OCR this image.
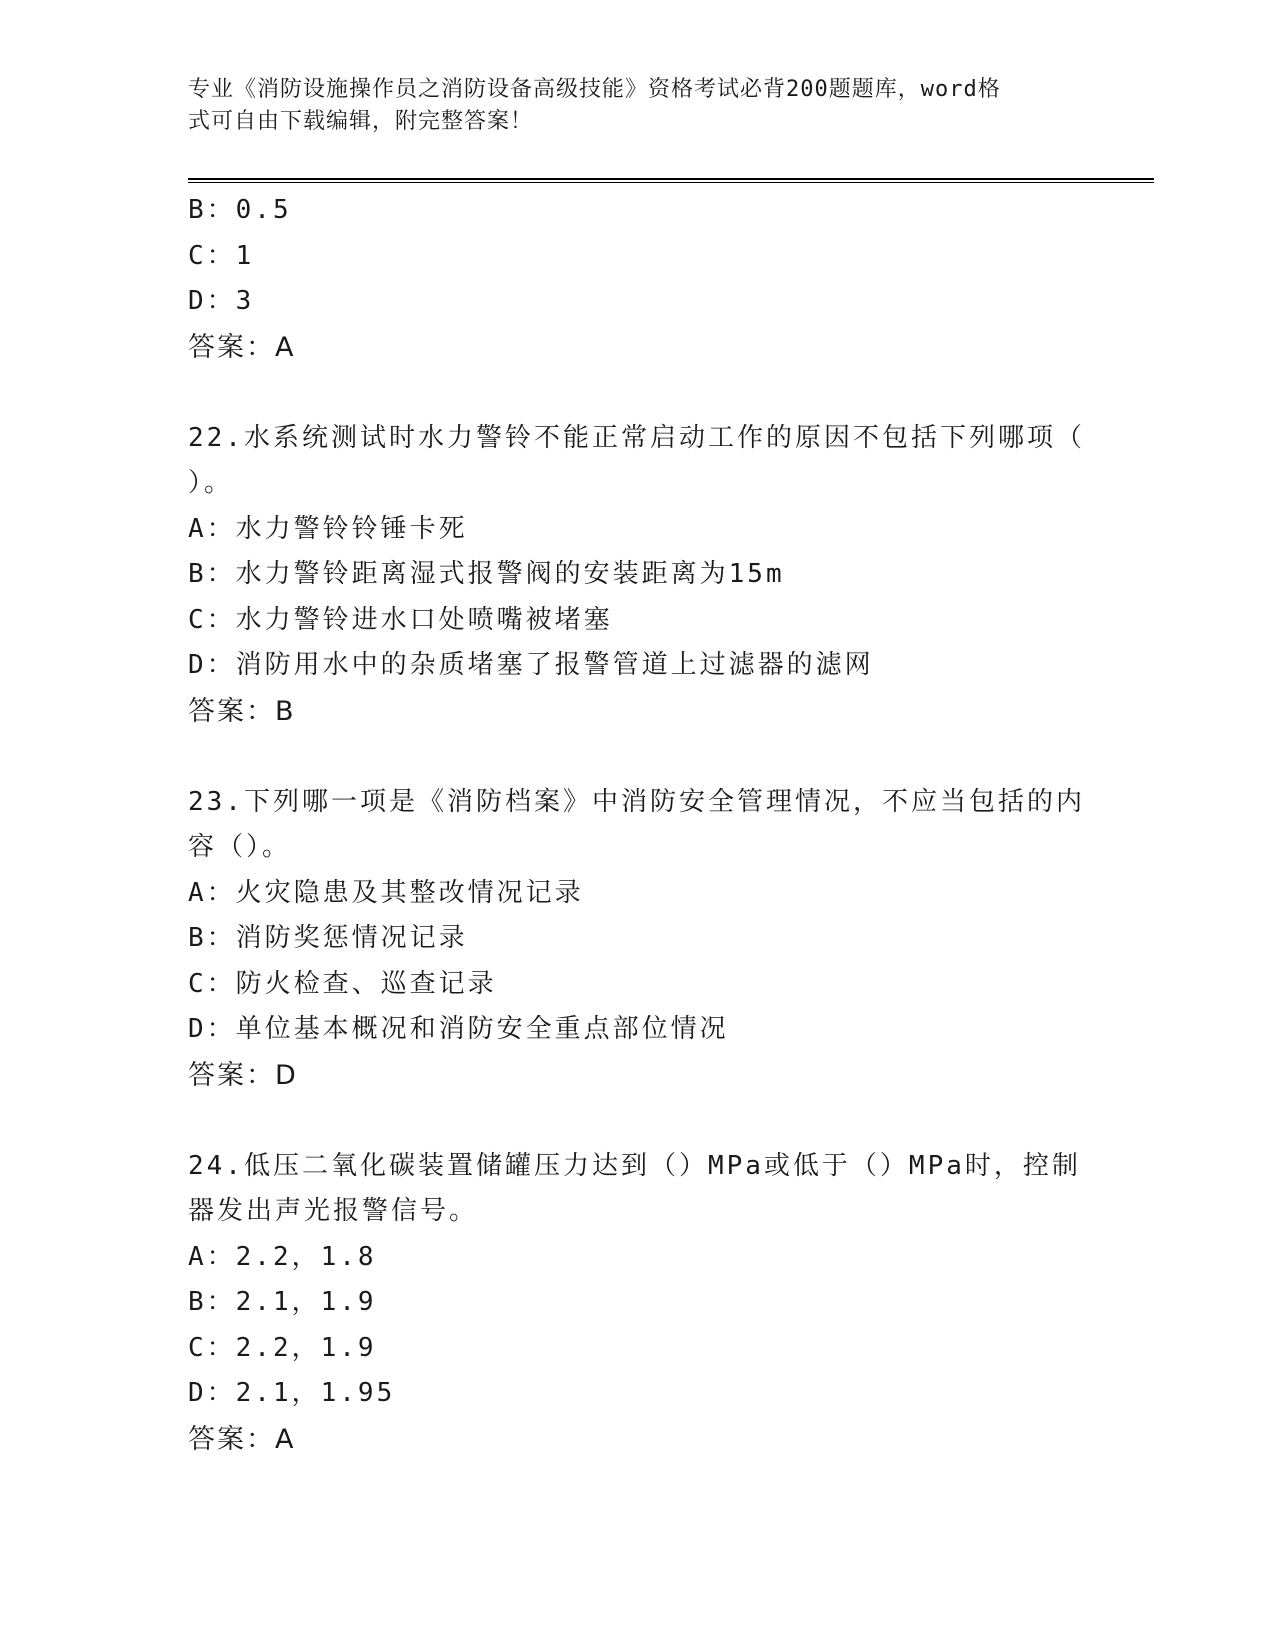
专业《消防设施操作员之消防设备高级技能》资格考试必背200题题库，word格
式可自由下载编辑，附完整答案！
B：0.5
C：1
D：3
答案：A
22.水系统测试时水力警铃不能正常启动工作的原因不包括下列哪项（
）。
A：水力警铃铃锤卡死
B：水力警铃距离湿式报警阀的安装距离为15m
C：水力警铃进水口处喷嘴被堵塞
D：消防用水中的杂质堵塞了报警管道上过滤器的滤网
答案：B
23.下列哪一项是《消防档案》中消防安全管理情况，不应当包括的内
容（）。
A：火灾隐患及其整改情况记录
B：消防奖惩情况记录
C：防火检查、巡查记录
D：单位基本概况和消防安全重点部位情况
答案：D
24.低压二氧化碳装置储罐压力达到（）MPa或低于（）MPa时，控制
器发出声光报警信号。
A：2.2，1.8
B：2.1，1.9
C：2.2，1.9
D：2.1，1.95
答案：A
